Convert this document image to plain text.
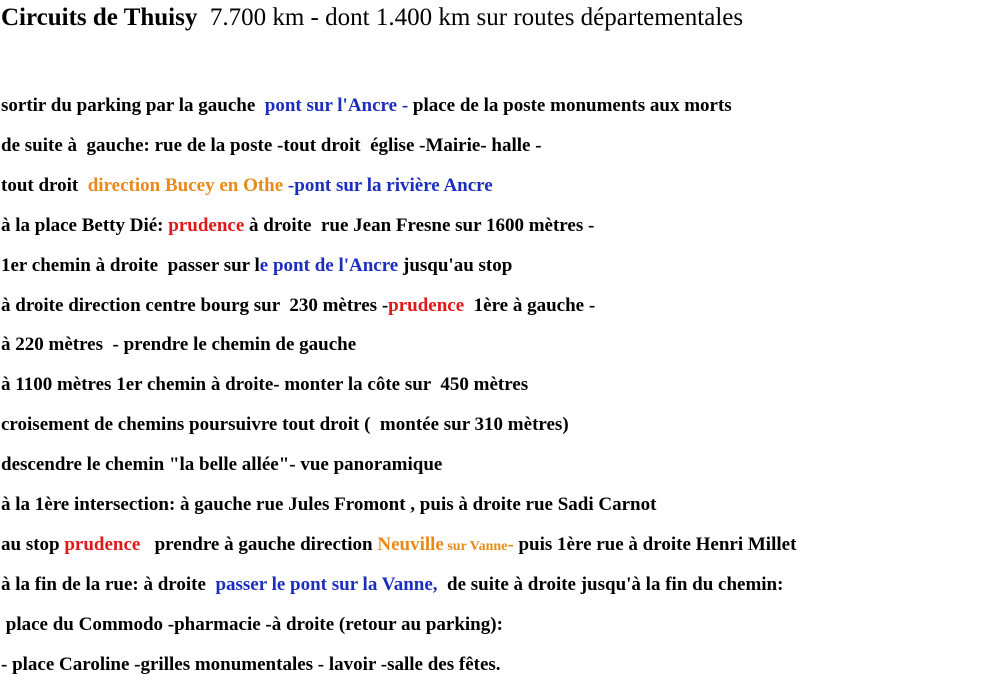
Circuits de Thuisy 7.700 km - dont 1.400 km sur routes départementales
sortir du parking par la gauche  pont sur l'Ancre - place de la poste monuments aux morts
de suite à  gauche: rue de la poste -tout droit  église -Mairie- halle -
tout droit  direction Bucey en Othe -pont sur la rivière Ancre
à la place Betty Dié: prudence à droite  rue Jean Fresne sur 1600 mètres -
1er chemin à droite  passer sur le pont de l'Ancre jusqu'au stop
à droite direction centre bourg sur  230 mètres -prudence  1ère à gauche -
à 220 mètres  - prendre le chemin de gauche
à 1100 mètres 1er chemin à droite- monter la côte sur  450 mètres
croisement de chemins poursuivre tout droit (  montée sur 310 mètres)
descendre le chemin "la belle allée"- vue panoramique
à la 1ère intersection: à gauche rue Jules Fromont , puis à droite rue Sadi Carnot
au stop prudence   prendre à gauche direction Neuville sur Vanne- puis 1ère rue à droite Henri Millet
à la fin de la rue: à droite  passer le pont sur la Vanne,  de suite à droite jusqu'à la fin du chemin:
place du Commodo -pharmacie -à droite (retour au parking):
- place Caroline -grilles monumentales - lavoir -salle des fêtes.
